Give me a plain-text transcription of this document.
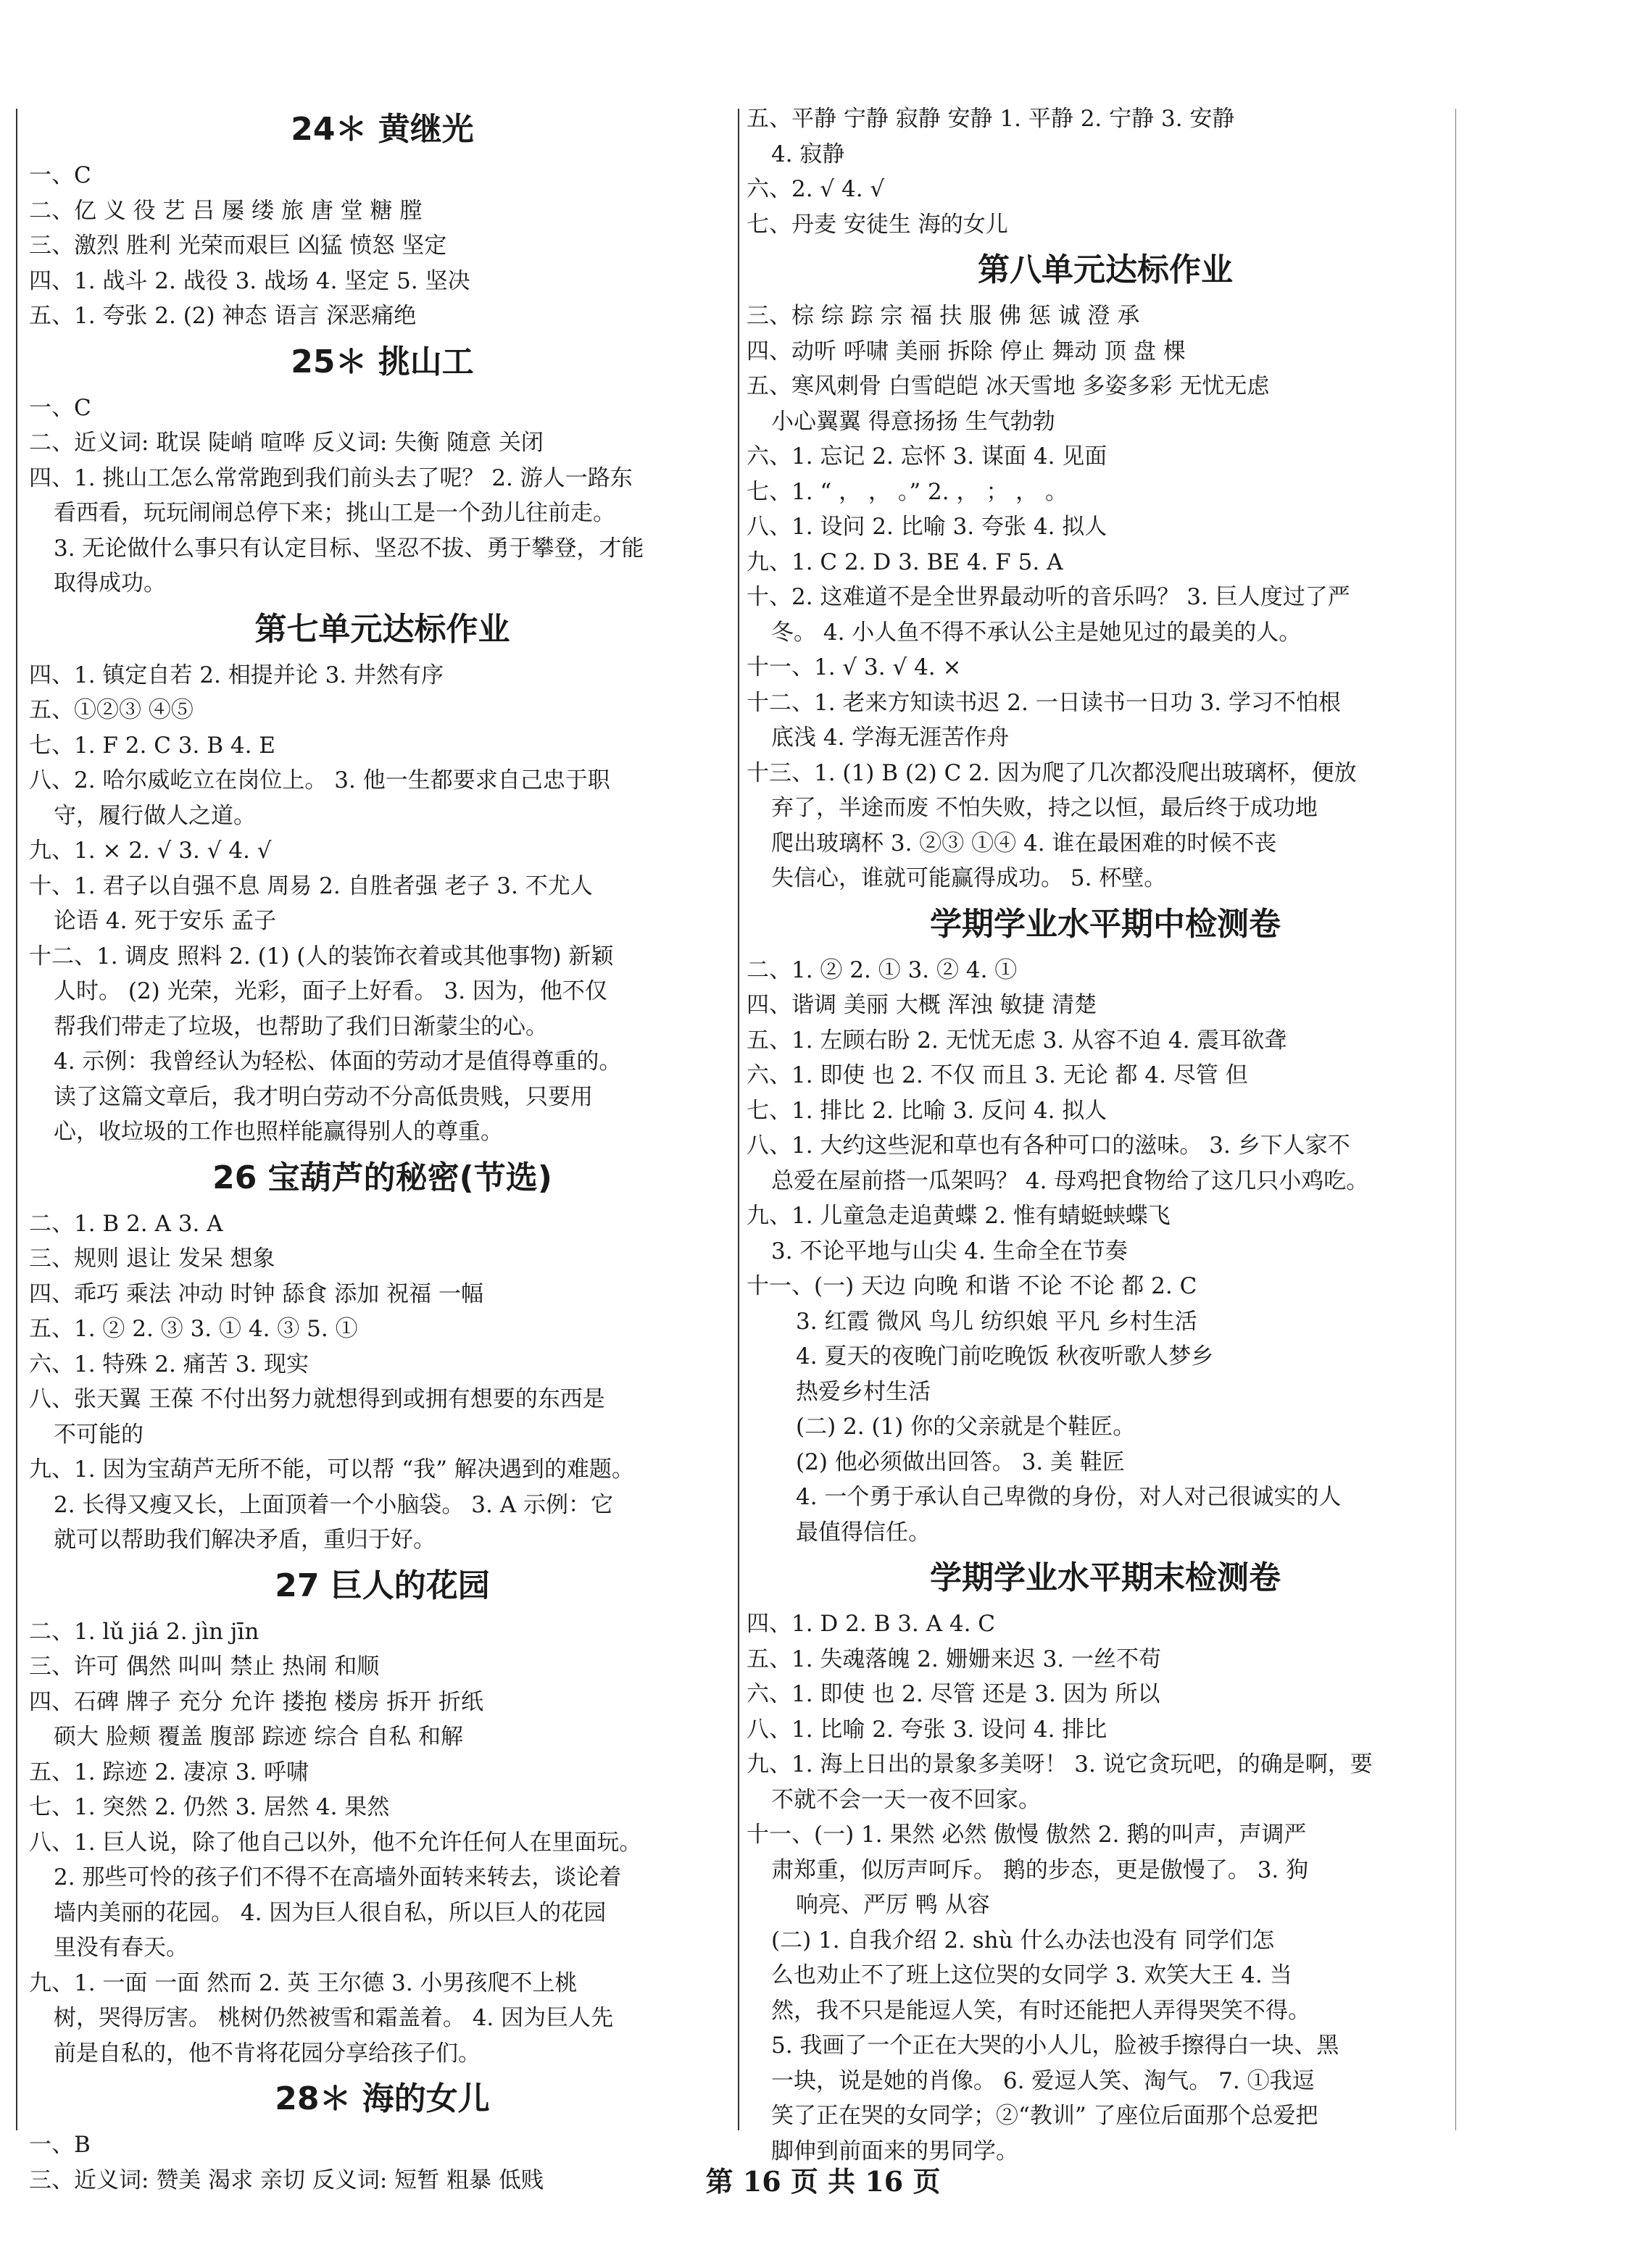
24＊ 黄继光
一、C
二、亿 义 役 艺 吕 屡 缕 旅 唐 堂 糖 膛
三、激烈 胜利 光荣而艰巨 凶猛 愤怒 坚定
四、1. 战斗 2. 战役 3. 战场 4. 坚定 5. 坚决
五、1. 夸张 2. (2) 神态 语言 深恶痛绝
25＊ 挑山工
一、C
二、近义词: 耽误 陡峭 喧哗 反义词: 失衡 随意 关闭
四、1. 挑山工怎么常常跑到我们前头去了呢？ 2. 游人一路东
看西看，玩玩闹闹总停下来；挑山工是一个劲儿往前走。
3. 无论做什么事只有认定目标、坚忍不拔、勇于攀登，才能
取得成功。
第七单元达标作业
四、1. 镇定自若 2. 相提并论 3. 井然有序
五、①②③ ④⑤
七、1. F 2. C 3. B 4. E
八、2. 哈尔威屹立在岗位上。 3. 他一生都要求自己忠于职
守，履行做人之道。
九、1. × 2. √ 3. √ 4. √
十、1. 君子以自强不息 周易 2. 自胜者强 老子 3. 不尤人
论语 4. 死于安乐 孟子
十二、1. 调皮 照料 2. (1) (人的装饰衣着或其他事物) 新颖
人时。 (2) 光荣，光彩，面子上好看。 3. 因为，他不仅
帮我们带走了垃圾，也帮助了我们日渐蒙尘的心。
4. 示例：我曾经认为轻松、体面的劳动才是值得尊重的。
读了这篇文章后，我才明白劳动不分高低贵贱，只要用
心，收垃圾的工作也照样能赢得别人的尊重。
26 宝葫芦的秘密(节选)
二、1. B 2. A 3. A
三、规则 退让 发呆 想象
四、乖巧 乘法 冲动 时钟 舔食 添加 祝福 一幅
五、1. ② 2. ③ 3. ① 4. ③ 5. ①
六、1. 特殊 2. 痛苦 3. 现实
八、张天翼 王葆 不付出努力就想得到或拥有想要的东西是
不可能的
九、1. 因为宝葫芦无所不能，可以帮 “我” 解决遇到的难题。
2. 长得又瘦又长，上面顶着一个小脑袋。 3. A 示例：它
就可以帮助我们解决矛盾，重归于好。
27 巨人的花园
二、1. lǔ jiá 2. jìn jīn
三、许可 偶然 叫叫 禁止 热闹 和顺
四、石碑 牌子 充分 允许 搂抱 楼房 拆开 折纸
硕大 脸颊 覆盖 腹部 踪迹 综合 自私 和解
五、1. 踪迹 2. 凄凉 3. 呼啸
七、1. 突然 2. 仍然 3. 居然 4. 果然
八、1. 巨人说，除了他自己以外，他不允许任何人在里面玩。
2. 那些可怜的孩子们不得不在高墙外面转来转去，谈论着
墙内美丽的花园。 4. 因为巨人很自私，所以巨人的花园
里没有春天。
九、1. 一面 一面 然而 2. 英 王尔德 3. 小男孩爬不上桃
树，哭得厉害。 桃树仍然被雪和霜盖着。 4. 因为巨人先
前是自私的，他不肯将花园分享给孩子们。
28＊ 海的女儿
一、B
三、近义词: 赞美 渴求 亲切 反义词: 短暂 粗暴 低贱
五、平静 宁静 寂静 安静 1. 平静 2. 宁静 3. 安静
4. 寂静
六、2. √ 4. √
七、丹麦 安徒生 海的女儿
第八单元达标作业
三、棕 综 踪 宗 福 扶 服 佛 惩 诚 澄 承
四、动听 呼啸 美丽 拆除 停止 舞动 顶 盘 棵
五、寒风刺骨 白雪皑皑 冰天雪地 多姿多彩 无忧无虑
小心翼翼 得意扬扬 生气勃勃
六、1. 忘记 2. 忘怀 3. 谋面 4. 见面
七、1. “ ， ， 。” 2. ， ； ， 。
八、1. 设问 2. 比喻 3. 夸张 4. 拟人
九、1. C 2. D 3. BE 4. F 5. A
十、2. 这难道不是全世界最动听的音乐吗？ 3. 巨人度过了严
冬。 4. 小人鱼不得不承认公主是她见过的最美的人。
十一、1. √ 3. √ 4. ×
十二、1. 老来方知读书迟 2. 一日读书一日功 3. 学习不怕根
底浅 4. 学海无涯苦作舟
十三、1. (1) B (2) C 2. 因为爬了几次都没爬出玻璃杯，便放
弃了，半途而废 不怕失败，持之以恒，最后终于成功地
爬出玻璃杯 3. ②③ ①④ 4. 谁在最困难的时候不丧
失信心，谁就可能赢得成功。 5. 杯壁。
学期学业水平期中检测卷
二、1. ② 2. ① 3. ② 4. ①
四、谐调 美丽 大概 浑浊 敏捷 清楚
五、1. 左顾右盼 2. 无忧无虑 3. 从容不迫 4. 震耳欲聋
六、1. 即使 也 2. 不仅 而且 3. 无论 都 4. 尽管 但
七、1. 排比 2. 比喻 3. 反问 4. 拟人
八、1. 大约这些泥和草也有各种可口的滋味。 3. 乡下人家不
总爱在屋前搭一瓜架吗？ 4. 母鸡把食物给了这几只小鸡吃。
九、1. 儿童急走追黄蝶 2. 惟有蜻蜓蛱蝶飞
3. 不论平地与山尖 4. 生命全在节奏
十一、(一) 天边 向晚 和谐 不论 不论 都 2. C
3. 红霞 微风 鸟儿 纺织娘 平凡 乡村生活
4. 夏天的夜晚门前吃晚饭 秋夜听歌人梦乡
热爱乡村生活
(二) 2. (1) 你的父亲就是个鞋匠。
(2) 他必须做出回答。 3. 美 鞋匠
4. 一个勇于承认自己卑微的身份，对人对己很诚实的人
最值得信任。
学期学业水平期末检测卷
四、1. D 2. B 3. A 4. C
五、1. 失魂落魄 2. 姗姗来迟 3. 一丝不苟
六、1. 即使 也 2. 尽管 还是 3. 因为 所以
八、1. 比喻 2. 夸张 3. 设问 4. 排比
九、1. 海上日出的景象多美呀！ 3. 说它贪玩吧，的确是啊，要
不就不会一天一夜不回家。
十一、(一) 1. 果然 必然 傲慢 傲然 2. 鹅的叫声，声调严
肃郑重，似厉声呵斥。 鹅的步态，更是傲慢了。 3. 狗
响亮、严厉 鸭 从容
(二) 1. 自我介绍 2. shù 什么办法也没有 同学们怎
么也劝止不了班上这位哭的女同学 3. 欢笑大王 4. 当
然，我不只是能逗人笑，有时还能把人弄得哭笑不得。
5. 我画了一个正在大哭的小人儿，脸被手擦得白一块、黑
一块，说是她的肖像。 6. 爱逗人笑、淘气。 7. ①我逗
笑了正在哭的女同学；②“教训” 了座位后面那个总爱把
脚伸到前面来的男同学。
第 16 页 共 16 页
